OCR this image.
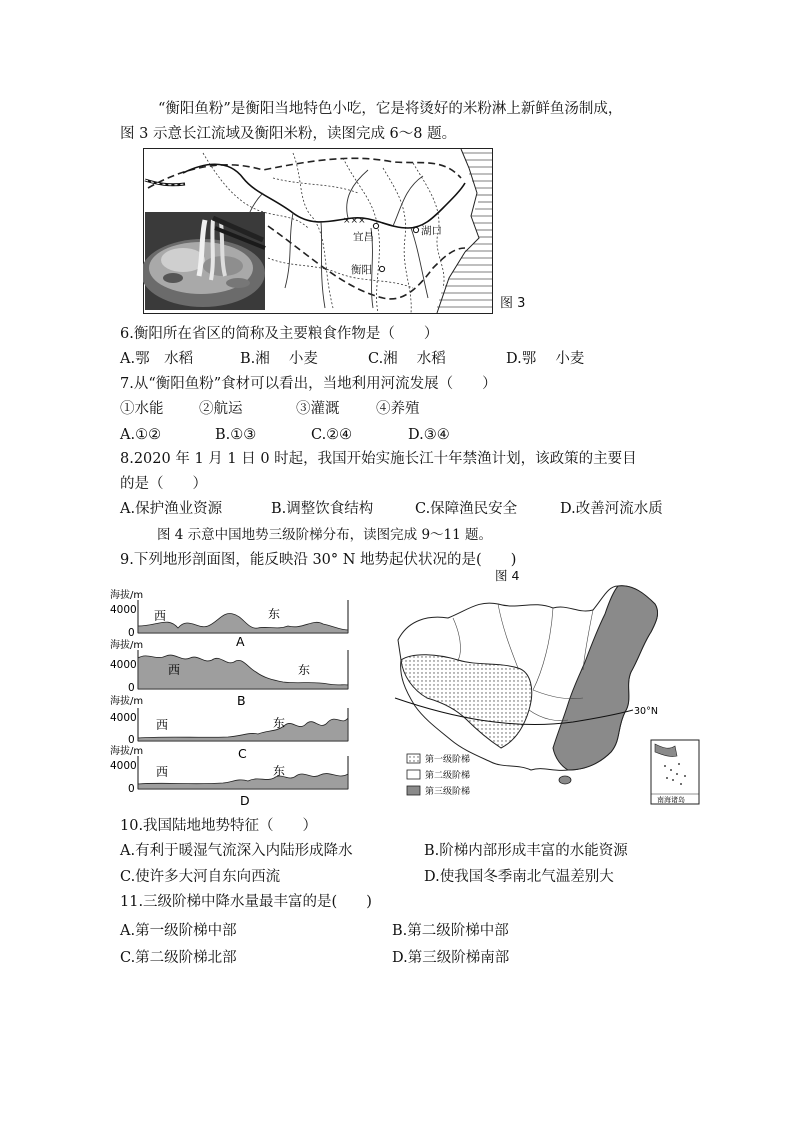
“衡阳鱼粉”是衡阳当地特色小吃，它是将烫好的米粉淋上新鲜鱼汤制成，
图 3 示意长江流域及衡阳米粉，读图完成 6～8 题。
×××
宜昌	湖口
衡阳
图 3
6.衡阳所在省区的简称及主要粮食作物是（　　）
A.鄂　水稻	B.湘　 小麦	C.湘　 水稻	D.鄂　 小麦
7.从“衡阳鱼粉”食材可以看出，当地利用河流发展（　　）
①水能 ②航运	③灌溉	④养殖
A.①②	B.①③	C.②④	D.③④
8.2020 年 1 月 1 日 0 时起，我国开始实施长江十年禁渔计划，该政策的主要目
的是（　　）
A.保护渔业资源	B.调整饮食结构	C.保障渔民安全	D.改善河流水质
图 4 示意中国地势三级阶梯分布，读图完成 9～11 题。
9.下列地形剖面图，能反映沿 30° N 地势起伏状况的是(　　)
图 4
海拔/m
4000
0
西	东
A
海拔/m
4000
0
西	东
B
海拔/m
4000
0
西	东
C
海拔/m
4000
0
西	东
D
30°N
第一级阶梯
第二级阶梯
第三级阶梯
南海诸岛
10.我国陆地地势特征（　　）
A.有利于暖湿气流深入内陆形成降水	B.阶梯内部形成丰富的水能资源
C.使许多大河自东向西流	D.使我国冬季南北气温差别大
11.三级阶梯中降水量最丰富的是(　　)
A.第一级阶梯中部	B.第二级阶梯中部
C.第二级阶梯北部	D.第三级阶梯南部
